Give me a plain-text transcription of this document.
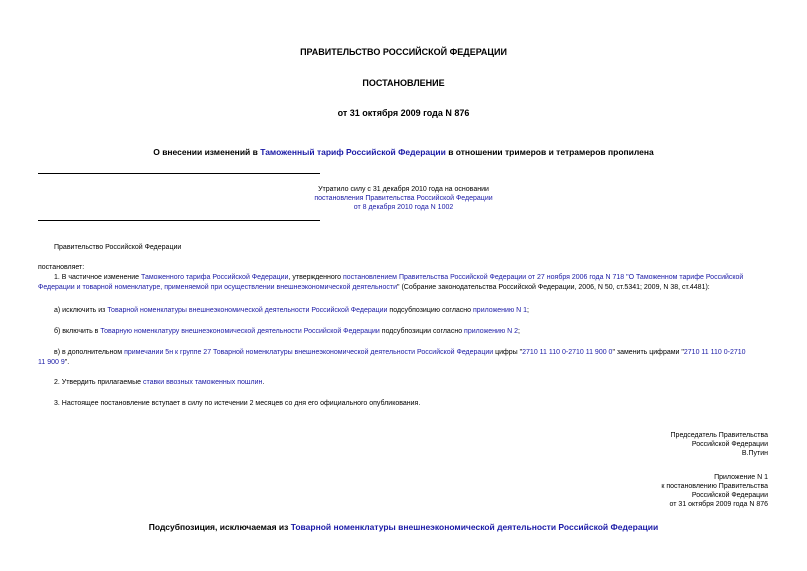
ПРАВИТЕЛЬСТВО РОССИЙСКОЙ ФЕДЕРАЦИИ
ПОСТАНОВЛЕНИЕ
от 31 октября 2009 года N 876
О внесении изменений в Таможенный тариф Российской Федерации в отношении тримеров и тетрамеров пропилена
Утратило силу с 31 декабря 2010 года на основании
постановления Правительства Российской Федерации
от 8 декабря 2010 года N 1002
Правительство Российской Федерации
постановляет:
1. В частичное изменение Таможенного тарифа Российской Федерации, утвержденного постановлением Правительства Российской Федерации от 27 ноября 2006 года N 718 "О Таможенном тарифе Российской
Федерации и товарной номенклатуре, применяемой при осуществлении внешнеэкономической деятельности" (Собрание законодательства Российской Федерации, 2006, N 50, ст.5341; 2009, N 38, ст.4481):
а) исключить из Товарной номенклатуры внешнеэкономической деятельности Российской Федерации подсубпозицию согласно приложению N 1;
б) включить в Товарную номенклатуру внешнеэкономической деятельности Российской Федерации подсубпозиции согласно приложению N 2;
в) в дополнительном примечании 5н к группе 27 Товарной номенклатуры внешнеэкономической деятельности Российской Федерации цифры "2710 11 110 0-2710 11 900 0" заменить цифрами "2710 11 110 0-2710
11 900 9".
2. Утвердить прилагаемые ставки ввозных таможенных пошлин.
3. Настоящее постановление вступает в силу по истечении 2 месяцев со дня его официального опубликования.
Председатель Правительства
Российской Федерации
В.Путин
Приложение N 1
к постановлению Правительства
Российской Федерации
от 31 октября 2009 года N 876
Подсубпозиция, исключаемая из Товарной номенклатуры внешнеэкономической деятельности Российской Федерации
